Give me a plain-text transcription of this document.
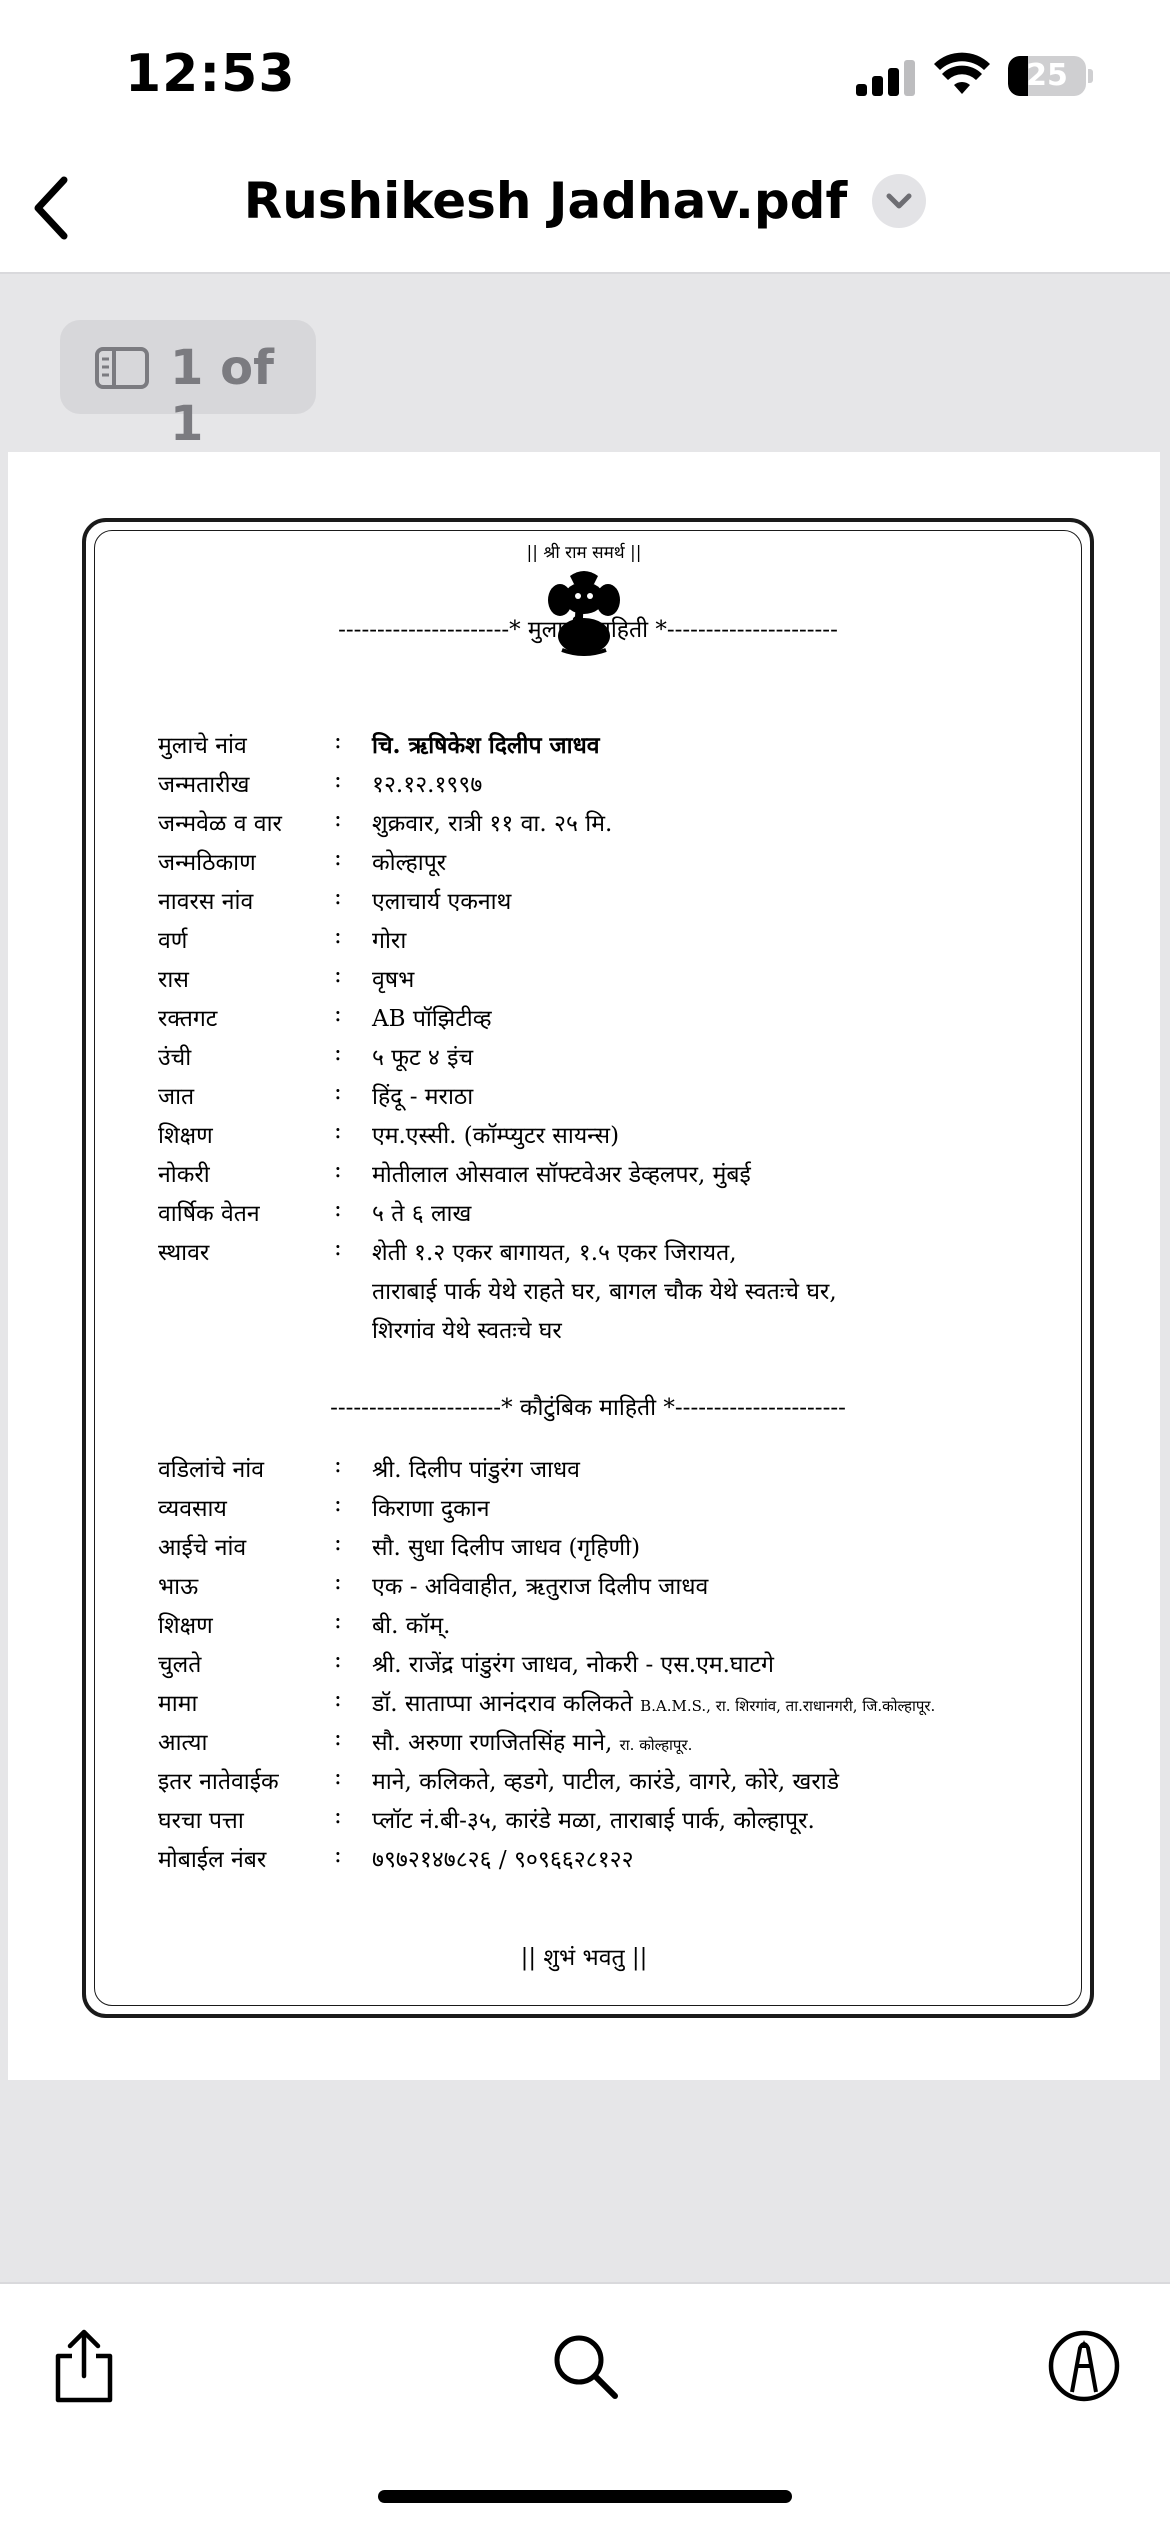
12:53	25
Rushikesh Jadhav.pdf
1 of 1
|| श्री राम समर्थ ||
----------------------* मुलाची माहिती *----------------------
मुलाचे नांव	: चि. ऋषिकेश दिलीप जाधव
जन्मतारीख	: १२.१२.१९९७
जन्मवेळ व वार : शुक्रवार, रात्री ११ वा. २५ मि.
जन्मठिकाण	: कोल्हापूर
नावरस नांव	: एलाचार्य एकनाथ
वर्ण	: गोरा
रास	: वृषभ
रक्तगट	: AB पॉझिटीव्ह
उंची	: ५ फूट ४ इंच
जात	: हिंदू - मराठा
शिक्षण	: एम.एस्सी. (कॉम्प्युटर सायन्स)
नोकरी	: मोतीलाल ओसवाल सॉफ्टवेअर डेव्हलपर, मुंबई
वार्षिक वेतन	: ५ ते ६ लाख
स्थावर	: शेती १.२ एकर बागायत, १.५ एकर जिरायत,
ताराबाई पार्क येथे राहते घर, बागल चौक येथे स्वतःचे घर,
शिरगांव येथे स्वतःचे घर
----------------------* कौटुंबिक माहिती *----------------------
वडिलांचे नांव	: श्री. दिलीप पांडुरंग जाधव
व्यवसाय	: किराणा दुकान
आईचे नांव	: सौ. सुधा दिलीप जाधव (गृहिणी)
भाऊ	: एक - अविवाहीत, ऋतुराज दिलीप जाधव
शिक्षण	: बी. कॉम्.
चुलते	: श्री. राजेंद्र पांडुरंग जाधव, नोकरी - एस.एम.घाटगे
मामा	: डॉ. साताप्पा आनंदराव कलिकते B.A.M.S., रा. शिरगांव, ता.राधानगरी, जि.कोल्हापूर.
आत्या	: सौ. अरुणा रणजितसिंह माने, रा. कोल्हापूर.
इतर नातेवाईक : माने, कलिकते, व्हडगे, पाटील, कारंडे, वागरे, कोरे, खराडे
घरचा पत्ता	: प्लॉट नं.बी-३५, कारंडे मळा, ताराबाई पार्क, कोल्हापूर.
मोबाईल नंबर	: ७९७२१४७८२६ / ९०९६६२८१२२
|| शुभं भवतु ||
